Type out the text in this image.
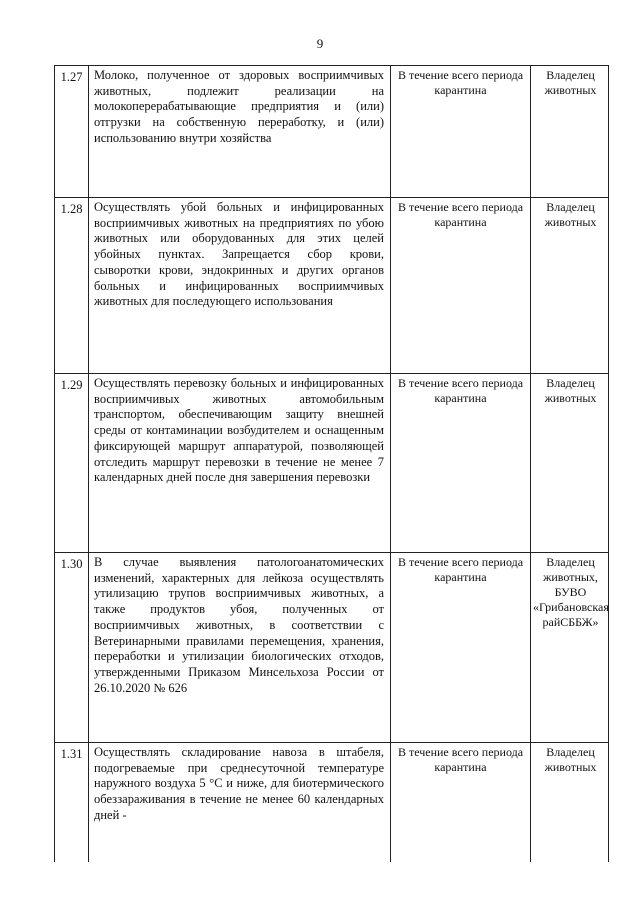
9
1.27 Молоко, полученное от здоровых восприимчивых животных, подлежит реализации на молокоперерабатывающие предприятия и (или) отгрузки на собственную переработку, и (или) использованию внутри хозяйства
В течение всего периода карантина
Владелец животных
1.28 Осуществлять убой больных и инфицированных восприимчивых животных на предприятиях по убою животных или оборудованных для этих целей убойных пунктах. Запрещается сбор крови, сыворотки крови, эндокринных и других органов больных и инфицированных восприимчивых животных для последующего использования
В течение всего периода карантина
Владелец животных
1.29 Осуществлять перевозку больных и инфицированных восприимчивых животных автомобильным транспортом, обеспечивающим защиту внешней среды от контаминации возбудителем и оснащенным фиксирующей маршрут аппаратурой, позволяющей отследить маршрут перевозки в течение не менее 7 календарных дней после дня завершения перевозки
В течение всего периода карантина
Владелец животных
1.30 В случае выявления патологоанатомических изменений, характерных для лейкоза осуществлять утилизацию трупов восприимчивых животных, а также продуктов убоя, полученных от восприимчивых животных, в соответствии с Ветеринарными правилами перемещения, хранения, переработки и утилизации биологических отходов, утвержденными Приказом Минсельхоза России от 26.10.2020 № 626
В течение всего периода карантина
Владелец животных, БУВО «Грибановская райСББЖ»
1.31 Осуществлять складирование навоза в штабеля, подогреваемые при среднесуточной температуре наружного воздуха 5 °С и ниже, для биотермического обеззараживания в течение не менее 60 календарных дней -
В течение всего периода карантина
Владелец животных
